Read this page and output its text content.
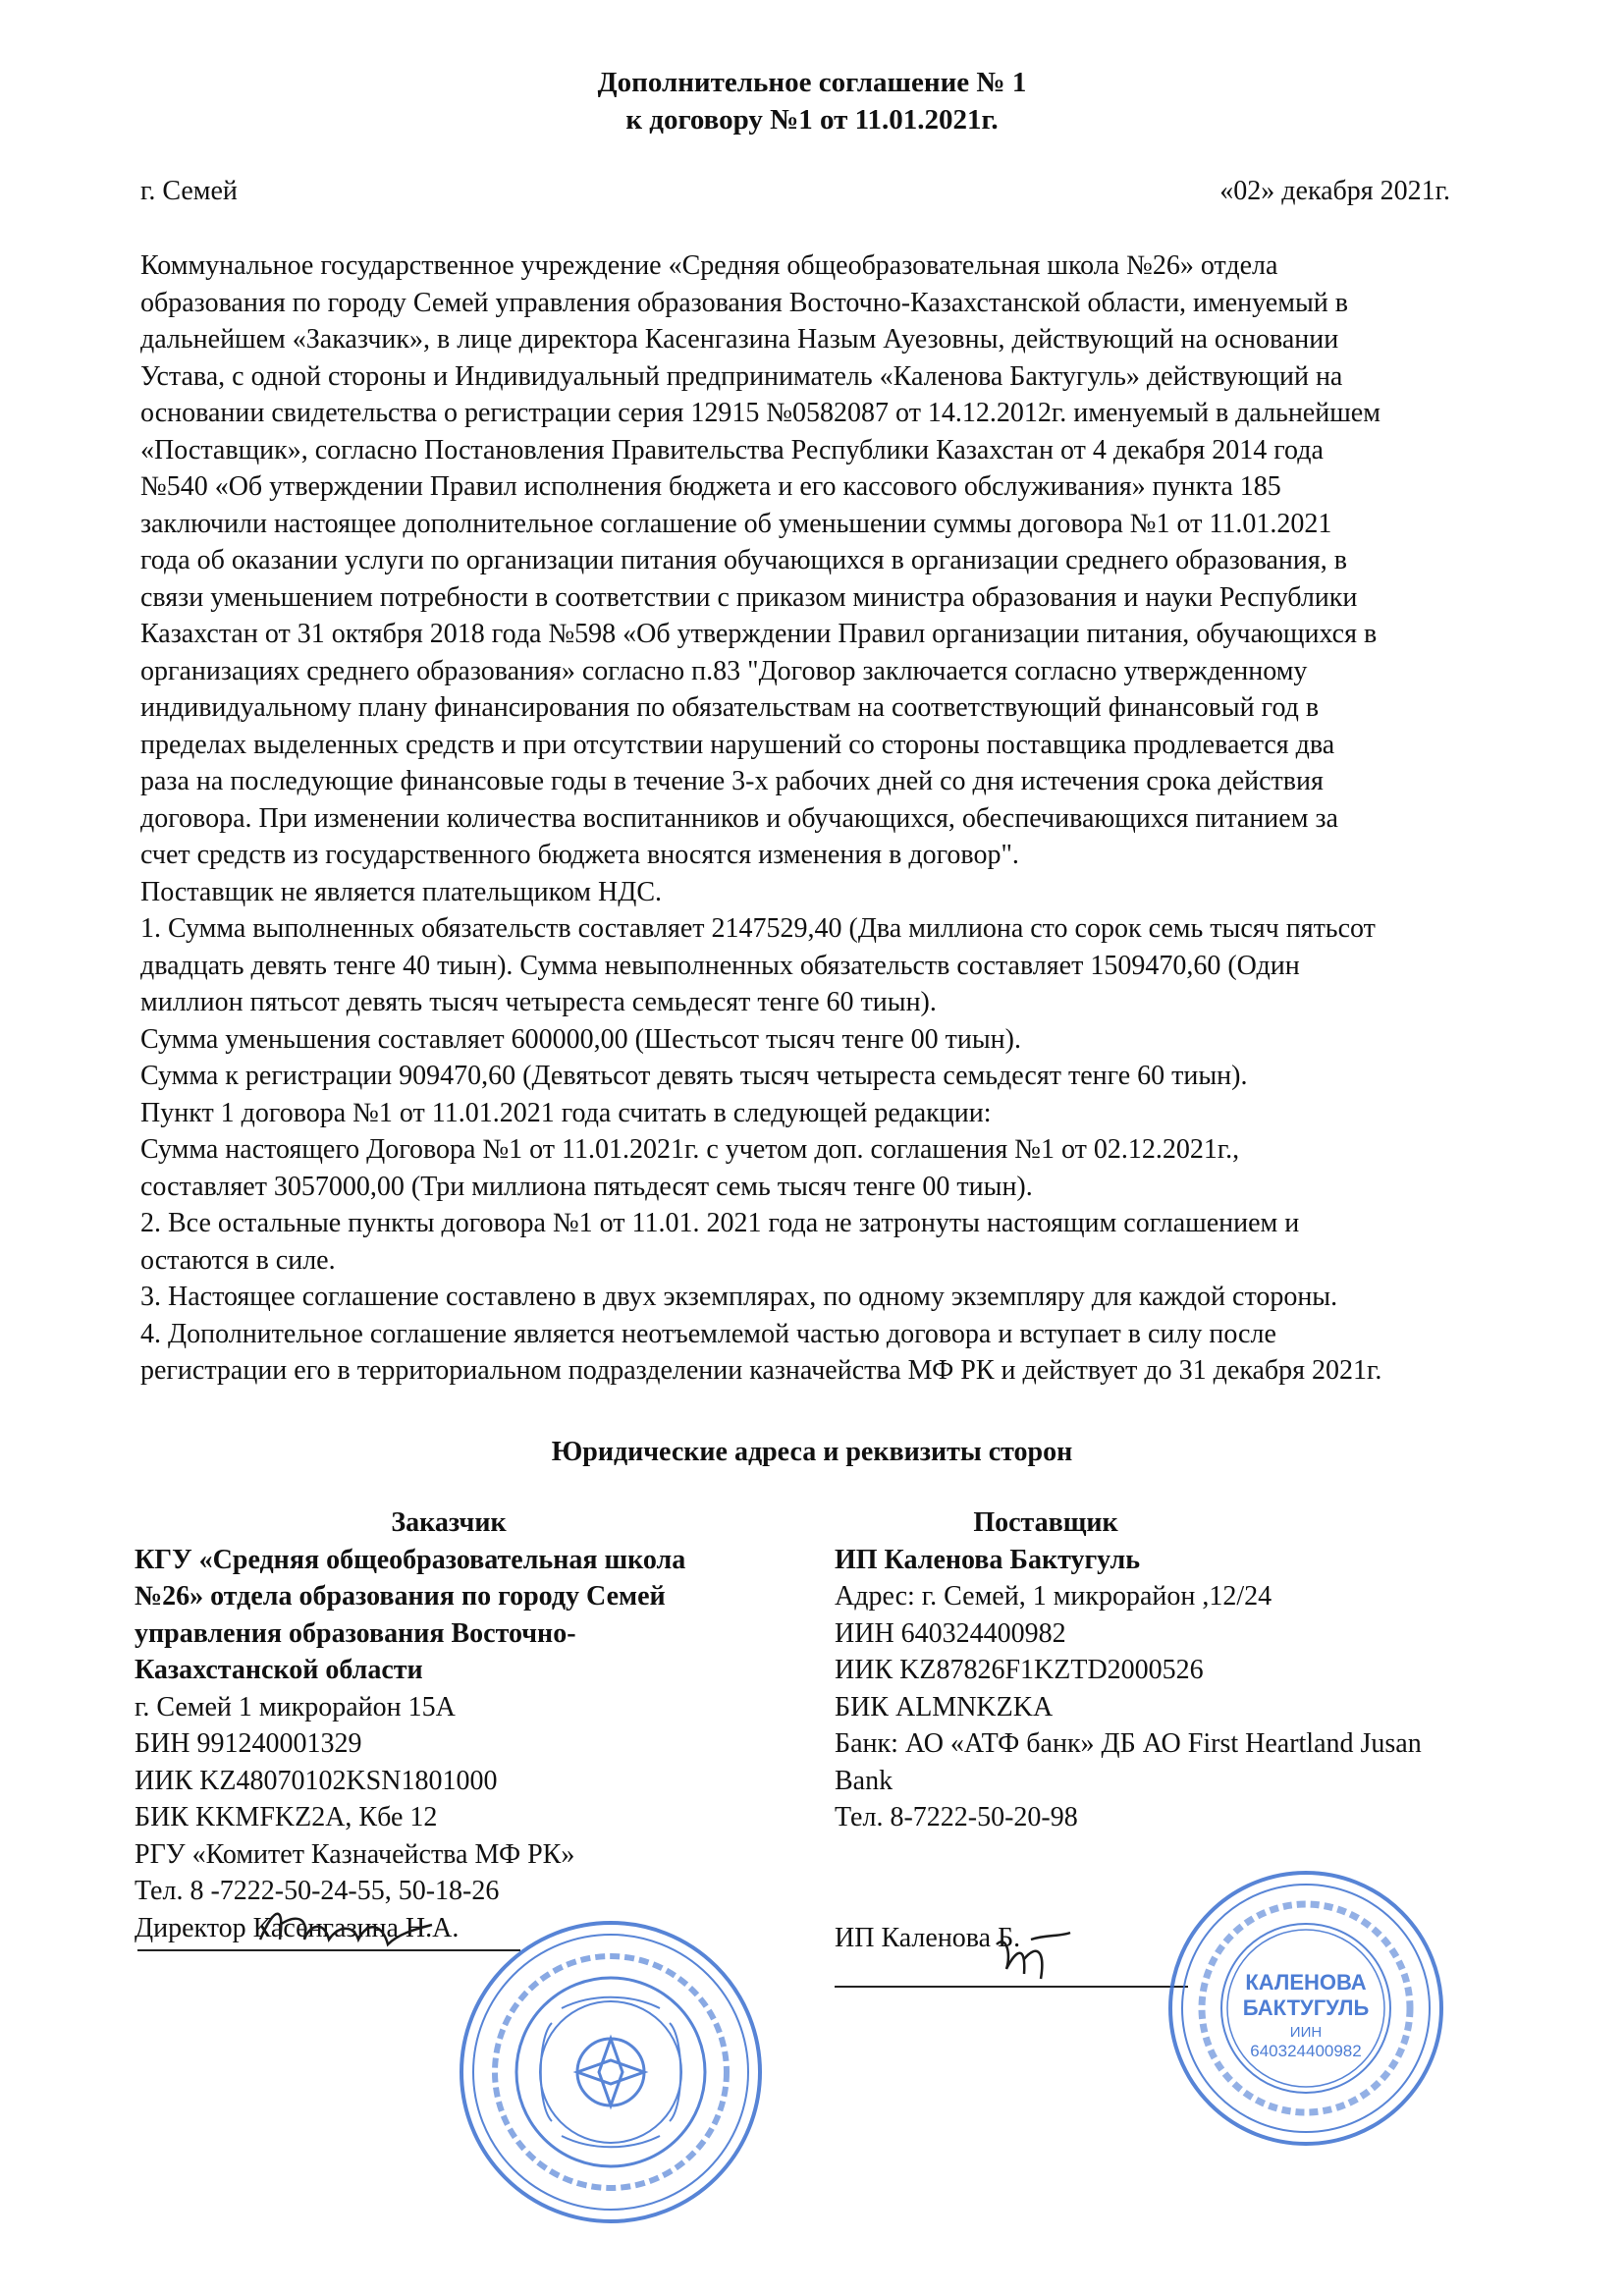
Дополнительное соглашение № 1
к договору №1 от 11.01.2021г.
г. Семей	«02» декабря 2021г.

Коммунальное государственное учреждение «Средняя общеобразовательная школа №26» отдела

образования по городу Семей управления образования Восточно-Казахстанской области, именуемый в

дальнейшем «Заказчик», в лице директора Касенгазина Назым Ауезовны, действующий на основании

Устава, с одной стороны и Индивидуальный предприниматель «Каленова Бактугуль» действующий на

основании свидетельства о регистрации серия 12915 №0582087 от 14.12.2012г. именуемый в дальнейшем

«Поставщик», согласно Постановления Правительства Республики Казахстан от 4 декабря 2014 года

№540 «Об утверждении Правил исполнения бюджета и его кассового обслуживания» пункта 185

заключили настоящее дополнительное соглашение об уменьшении суммы договора №1 от 11.01.2021

года об оказании услуги по организации питания обучающихся в организации среднего образования, в

связи уменьшением потребности в соответствии с приказом министра образования и науки Республики

Казахстан от 31 октября 2018 года №598 «Об утверждении Правил организации питания, обучающихся в

организациях среднего образования» согласно п.83 "Договор заключается согласно утвержденному

индивидуальному плану финансирования по обязательствам на соответствующий финансовый год в

пределах выделенных средств и при отсутствии нарушений со стороны поставщика продлевается два

раза на последующие финансовые годы в течение 3-х рабочих дней со дня истечения срока действия

договора. При изменении количества воспитанников и обучающихся, обеспечивающихся питанием за

счет средств из государственного бюджета вносятся изменения в договор".

Поставщик не является плательщиком НДС.

1. Сумма выполненных обязательств составляет 2147529,40 (Два миллиона сто сорок семь тысяч пятьсот

двадцать девять тенге 40 тиын). Сумма невыполненных обязательств составляет 1509470,60 (Один

миллион пятьсот девять тысяч четыреста семьдесят тенге 60 тиын).

Сумма уменьшения составляет 600000,00 (Шестьсот тысяч тенге 00 тиын).

Сумма к регистрации 909470,60 (Девятьсот девять тысяч четыреста семьдесят тенге 60 тиын).

Пункт 1 договора №1 от 11.01.2021 года считать в следующей редакции:

Сумма настоящего Договора №1 от 11.01.2021г. с учетом доп. соглашения №1 от 02.12.2021г.,

составляет 3057000,00 (Три миллиона пятьдесят семь тысяч тенге 00 тиын).

2. Все остальные пункты договора №1 от 11.01. 2021 года не затронуты настоящим соглашением и

остаются в силе.

3. Настоящее соглашение составлено в двух экземплярах, по одному экземпляру для каждой стороны.

4. Дополнительное соглашение является неотъемлемой частью договора и вступает в силу после

регистрации его в территориальном подразделении казначейства МФ РК и действует до 31 декабря 2021г.

Юридические адреса и реквизиты сторон

Заказчик

КГУ «Средняя общеобразовательная школа

№26» отдела образования по городу Семей

управления образования Восточно-

Казахстанской области

г. Семей 1 микрорайон 15А

БИН 991240001329

ИИК KZ48070102KSN1801000

БИК KKMFKZ2A, Кбе 12

РГУ «Комитет Казначейства МФ РК»

Тел. 8 -7222-50-24-55, 50-18-26

Директор Касенгазина Н.А.

Поставщик

ИП Каленова Бактугуль

Адрес: г. Семей, 1 микрорайон ,12/24

ИИН 640324400982

ИИК KZ87826F1KZTD2000526

БИК ALMNKZKA

Банк: АО «АТФ банк» ДБ АО First Heartland Jusan

Bank

Тел. 8-7222-50-20-98

ИП Каленова Б.
КАЛЕНОВА
БАКТУГУЛЬ
ИИН
640324400982
